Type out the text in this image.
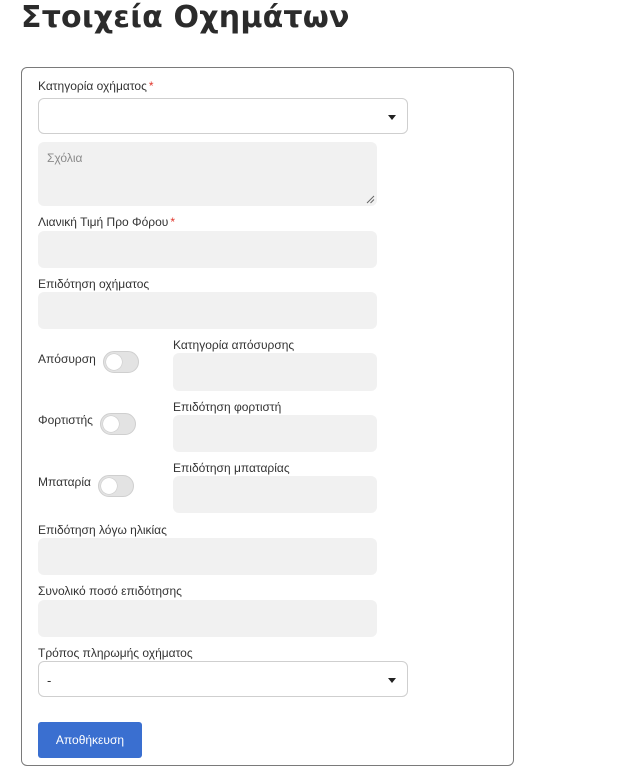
Στοιχεία Οχημάτων
Κατηγορία οχήματος *
Σχόλια
Λιανική Τιμή Προ Φόρου *
Επιδότηση οχήματος
Απόσυρση
Κατηγορία απόσυρσης
Φορτιστής
Επιδότηση φορτιστή
Μπαταρία
Επιδότηση μπαταρίας
Επιδότηση λόγω ηλικίας
Συνολικό ποσό επιδότησης
Τρόπος πληρωμής οχήματος
-
Αποθήκευση
